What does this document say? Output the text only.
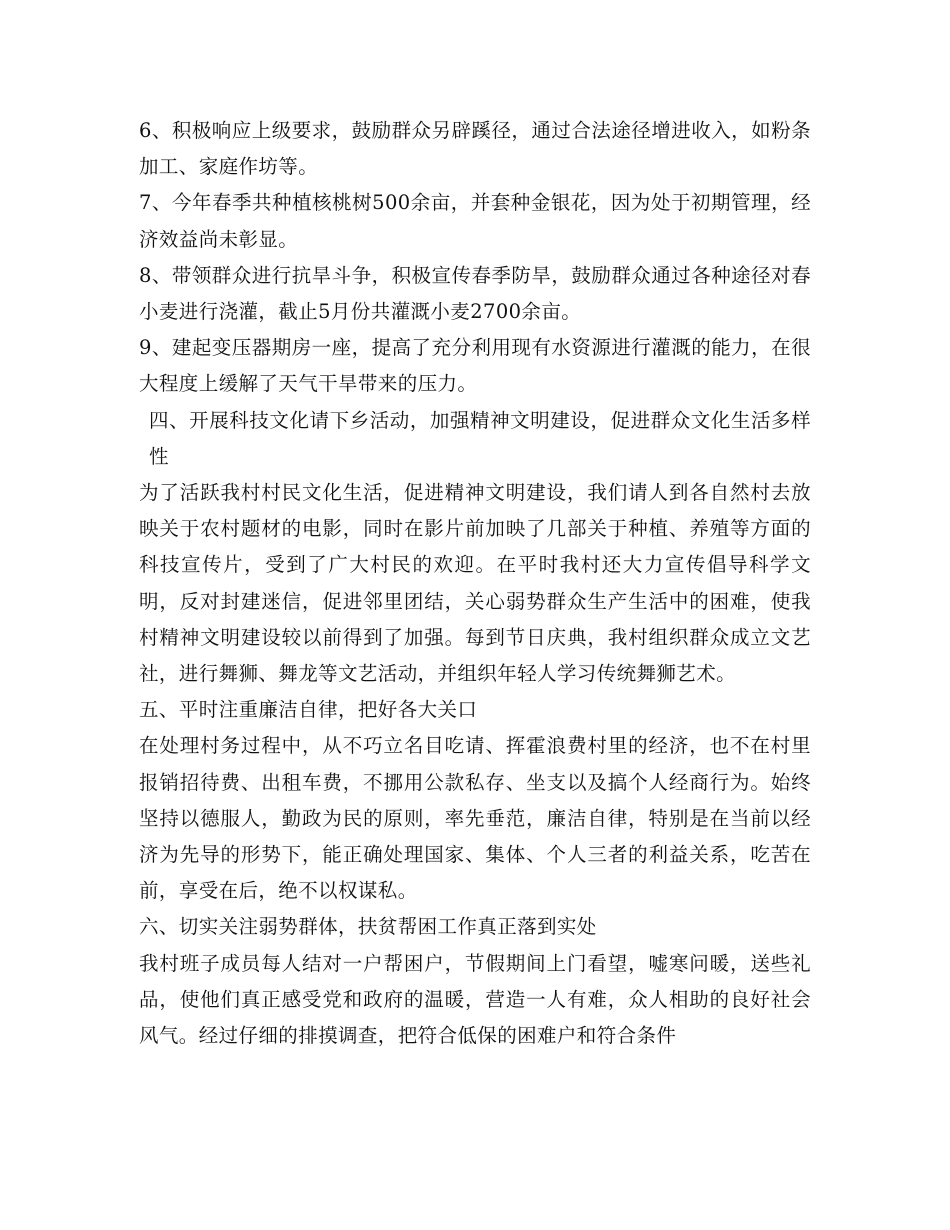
6、积极响应上级要求，鼓励群众另辟蹊径，通过合法途径增进收入，如粉条加工、家庭作坊等。

7、今年春季共种植核桃树500余亩，并套种金银花，因为处于初期管理，经济效益尚未彰显。

8、带领群众进行抗旱斗争，积极宣传春季防旱，鼓励群众通过各种途径对春小麦进行浇灌，截止5月份共灌溉小麦2700余亩。

9、建起变压器期房一座，提高了充分利用现有水资源进行灌溉的能力，在很大程度上缓解了天气干旱带来的压力。

四、开展科技文化请下乡活动，加强精神文明建设，促进群众文化生活多样性

为了活跃我村村民文化生活，促进精神文明建设，我们请人到各自然村去放映关于农村题材的电影，同时在影片前加映了几部关于种植、养殖等方面的科技宣传片，受到了广大村民的欢迎。在平时我村还大力宣传倡导科学文明，反对封建迷信，促进邻里团结，关心弱势群众生产生活中的困难，使我村精神文明建设较以前得到了加强。每到节日庆典，我村组织群众成立文艺社，进行舞狮、舞龙等文艺活动，并组织年轻人学习传统舞狮艺术。

五、平时注重廉洁自律，把好各大关口

在处理村务过程中，从不巧立名目吃请、挥霍浪费村里的经济，也不在村里报销招待费、出租车费，不挪用公款私存、坐支以及搞个人经商行为。始终坚持以德服人，勤政为民的原则，率先垂范，廉洁自律，特别是在当前以经济为先导的形势下，能正确处理国家、集体、个人三者的利益关系，吃苦在前，享受在后，绝不以权谋私。

六、切实关注弱势群体，扶贫帮困工作真正落到实处

我村班子成员每人结对一户帮困户，节假期间上门看望，嘘寒问暖，送些礼品，使他们真正感受党和政府的温暖，营造一人有难，众人相助的良好社会风气。经过仔细的排摸调查，把符合低保的困难户和符合条件
